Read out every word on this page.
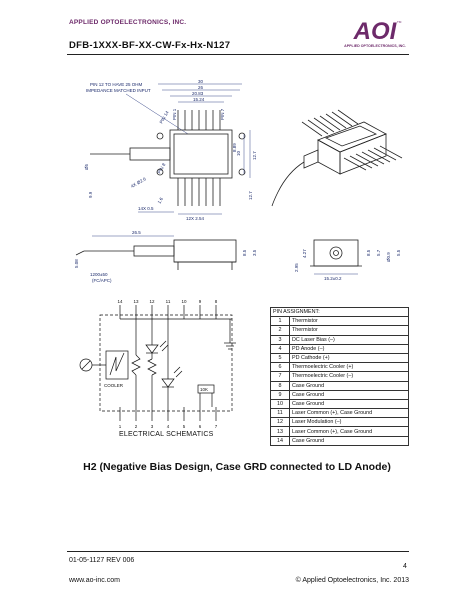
APPLIED OPTOELECTRONICS, INC.
DFB-1XXX-BF-XX-CW-Fx-Hx-N127
AOI TM
APPLIED OPTOELECTRONICS, INC.
PIN 12 TO HAVE 25 OHM
IMPEDANCE MATCHED INPUT
30
26
20.83
15.24
PIN 14 PIN 1	PIN 7
PIN 8
Ø5
4X Ø2.6
12.7
10
12.7
8.89
9.9
1.6
14X 0.5
12X 2.54
26.5
5.08
8.5 3.5
1200±50
(FC/APC)	15.2±0.2
2.95
4.27	8.5 5.7 Ø0.9 5.5
14 13 12 11 10	9	8
COOLER
10K
1	2	3	4	5	6	7
ELECTRICAL SCHEMATICS
PIN ASSIGNMENT:	
1	Thermistor
2	Thermistor
3	DC Laser Bias (–)
4	PD Anode (–)
5	PD Cathode (+)
6	Thermoelectric Cooler (+)
7	Thermoelectric Cooler (–)
8	Case Ground
9	Case Ground
10	Case Ground
11	Laser Common (+), Case Ground
12	Laser Modulation (–)
13	Laser Common (+), Case Ground
14	Case Ground
H2 (Negative Bias Design, Case GRD connected to LD Anode)
01-05-1127 REV 006
4
www.ao-inc.com	© Applied Optoelectronics, Inc. 2013
